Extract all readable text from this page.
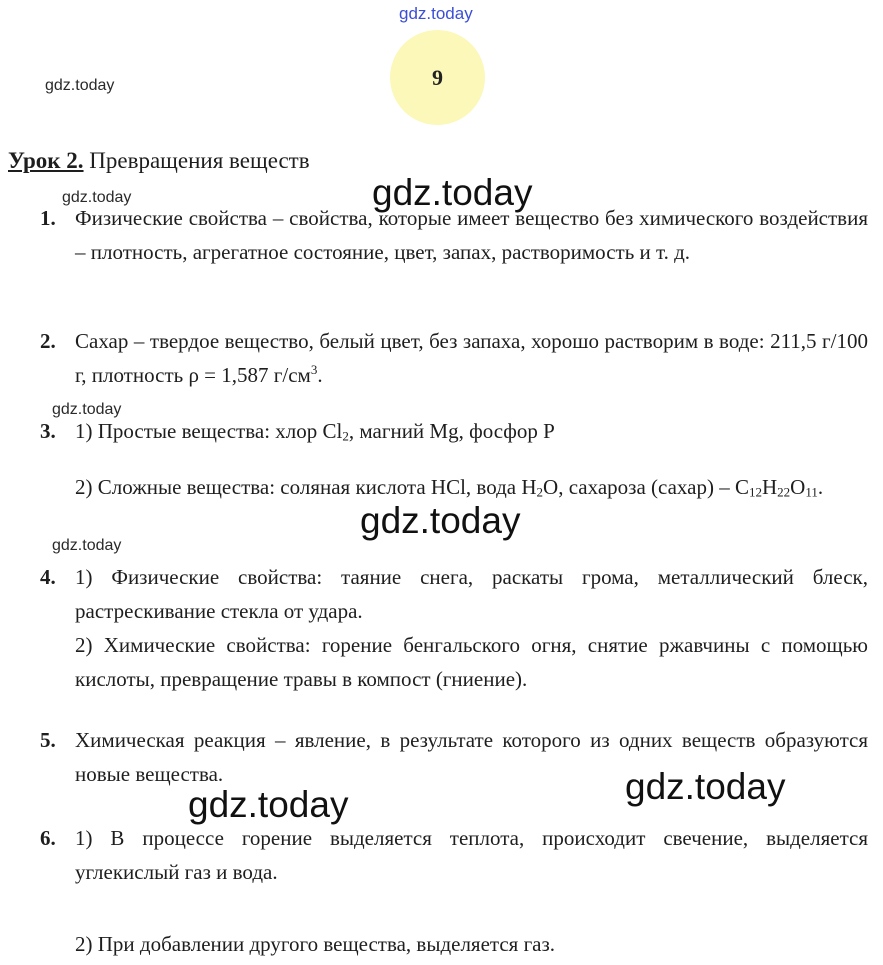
gdz.today
gdz.today
gdz.today
gdz.today
gdz.today
gdz.today
gdz.today
gdz.today
gdz.today
9
Урок 2. Превращения веществ
1. Физические свойства – свойства, которые имеет вещество без химического воздействия – плотность, агрегатное состояние, цвет, запах, растворимость и т. д.

2. Сахар – твердое вещество, белый цвет, без запаха, хорошо растворим в воде: 211,5 г/100 г, плотность ρ = 1,587 $г/см^3$.

3. 1) Простые вещества: хлор $Cl_2$, магний Mg, фосфор P

2) Сложные вещества: соляная кислота HCl, вода $H_2O$, сахароза (сахар) – $C_{12}H_{22}O_{11}$.

4. 1) Физические свойства: таяние снега, раскаты грома, металлический блеск, растрескивание стекла от удара.

2) Химические свойства: горение бенгальского огня, снятие ржавчины с помощью кислоты, превращение травы в компост (гниение).

5. Химическая реакция – явление, в результате которого из одних веществ образуются новые вещества.

6. 1) В процессе горение выделяется теплота, происходит свечение, выделяется углекислый газ и вода.

2) При добавлении другого вещества, выделяется газ.
